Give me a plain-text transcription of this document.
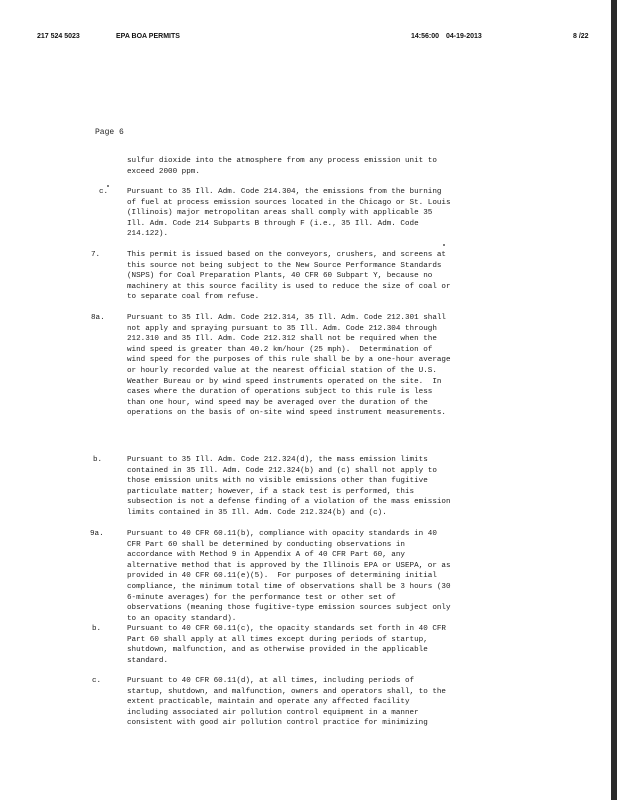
217 524 5023	EPA BOA PERMITS	14:56:00 04-19-2013	8 /22
Page 6

sulfur dioxide into the atmosphere from any process emission unit to

exceed 2000 ppm.

c. Pursuant to 35 Ill. Adm. Code 214.304, the emissions from the burning

of fuel at process emission sources located in the Chicago or St. Louis

(Illinois) major metropolitan areas shall comply with applicable 35

Ill. Adm. Code 214 Subparts B through F (i.e., 35 Ill. Adm. Code

214.122).

7.	This permit is issued based on the conveyors, crushers, and screens at

this source not being subject to the New Source Performance Standards

(NSPS) for Coal Preparation Plants, 40 CFR 60 Subpart Y, because no

machinery at this source facility is used to reduce the size of coal or

to separate coal from refuse.

8a.	Pursuant to 35 Ill. Adm. Code 212.314, 35 Ill. Adm. Code 212.301 shall

not apply and spraying pursuant to 35 Ill. Adm. Code 212.304 through

212.310 and 35 Ill. Adm. Code 212.312 shall not be required when the

wind speed is greater than 40.2 km/hour (25 mph).  Determination of

wind speed for the purposes of this rule shall be by a one-hour average

or hourly recorded value at the nearest official station of the U.S.

Weather Bureau or by wind speed instruments operated on the site.  In

cases where the duration of operations subject to this rule is less

than one hour, wind speed may be averaged over the duration of the

operations on the basis of on-site wind speed instrument measurements.

b.	Pursuant to 35 Ill. Adm. Code 212.324(d), the mass emission limits

contained in 35 Ill. Adm. Code 212.324(b) and (c) shall not apply to

those emission units with no visible emissions other than fugitive

particulate matter; however, if a stack test is performed, this

subsection is not a defense finding of a violation of the mass emission

limits contained in 35 Ill. Adm. Code 212.324(b) and (c).

9a.	Pursuant to 40 CFR 60.11(b), compliance with opacity standards in 40

CFR Part 60 shall be determined by conducting observations in

accordance with Method 9 in Appendix A of 40 CFR Part 60, any

alternative method that is approved by the Illinois EPA or USEPA, or as

provided in 40 CFR 60.11(e)(5).  For purposes of determining initial

compliance, the minimum total time of observations shall be 3 hours (30

6-minute averages) for the performance test or other set of

observations (meaning those fugitive-type emission sources subject only

to an opacity standard).

b.	Pursuant to 40 CFR 60.11(c), the opacity standards set forth in 40 CFR

Part 60 shall apply at all times except during periods of startup,

shutdown, malfunction, and as otherwise provided in the applicable

standard.

c.	Pursuant to 40 CFR 60.11(d), at all times, including periods of

startup, shutdown, and malfunction, owners and operators shall, to the

extent practicable, maintain and operate any affected facility

including associated air pollution control equipment in a manner

consistent with good air pollution control practice for minimizing
